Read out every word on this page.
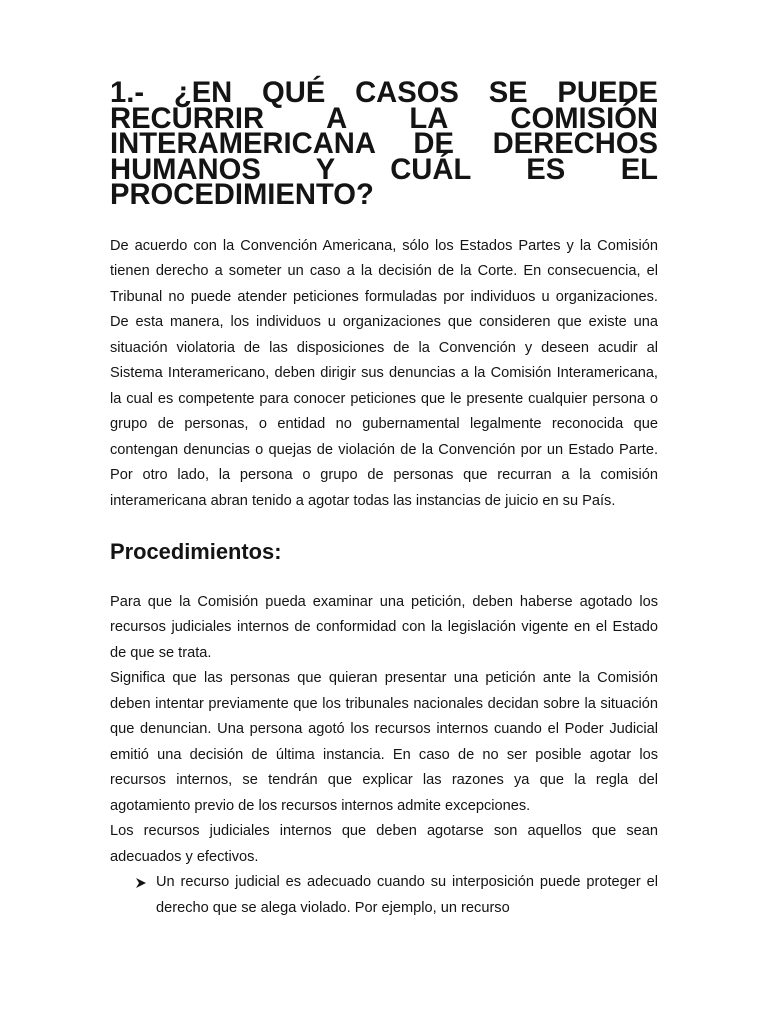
1.- ¿EN QUÉ CASOS SE PUEDE RECURRIR A LA COMISIÓN INTERAMERICANA DE DERECHOS HUMANOS Y CUÁL ES EL PROCEDIMIENTO?

De acuerdo con la Convención Americana, sólo los Estados Partes y la Comisión tienen derecho a someter un caso a la decisión de la Corte. En consecuencia, el Tribunal no puede atender peticiones formuladas por individuos u organizaciones. De esta manera, los individuos u organizaciones que consideren que existe una situación violatoria de las disposiciones de la Convención y deseen acudir al Sistema Interamericano, deben dirigir sus denuncias a la Comisión Interamericana, la cual es competente para conocer peticiones que le presente cualquier persona o grupo de personas, o entidad no gubernamental legalmente reconocida que contengan denuncias o quejas de violación de la Convención por un Estado Parte. Por otro lado, la persona o grupo de personas que recurran a la comisión interamericana abran tenido a agotar todas las instancias de juicio en su País.

Procedimientos:

Para que la Comisión pueda examinar una petición, deben haberse agotado los recursos judiciales internos de conformidad con la legislación vigente en el Estado de que se trata.

Significa que las personas que quieran presentar una petición ante la Comisión deben intentar previamente que los tribunales nacionales decidan sobre la situación que denuncian. Una persona agotó los recursos internos cuando el Poder Judicial emitió una decisión de última instancia. En caso de no ser posible agotar los recursos internos, se tendrán que explicar las razones ya que la regla del agotamiento previo de los recursos internos admite excepciones.

Los recursos judiciales internos que deben agotarse son aquellos que sean adecuados y efectivos.

Un recurso judicial es adecuado cuando su interposición puede proteger el derecho que se alega violado. Por ejemplo, un recurso
